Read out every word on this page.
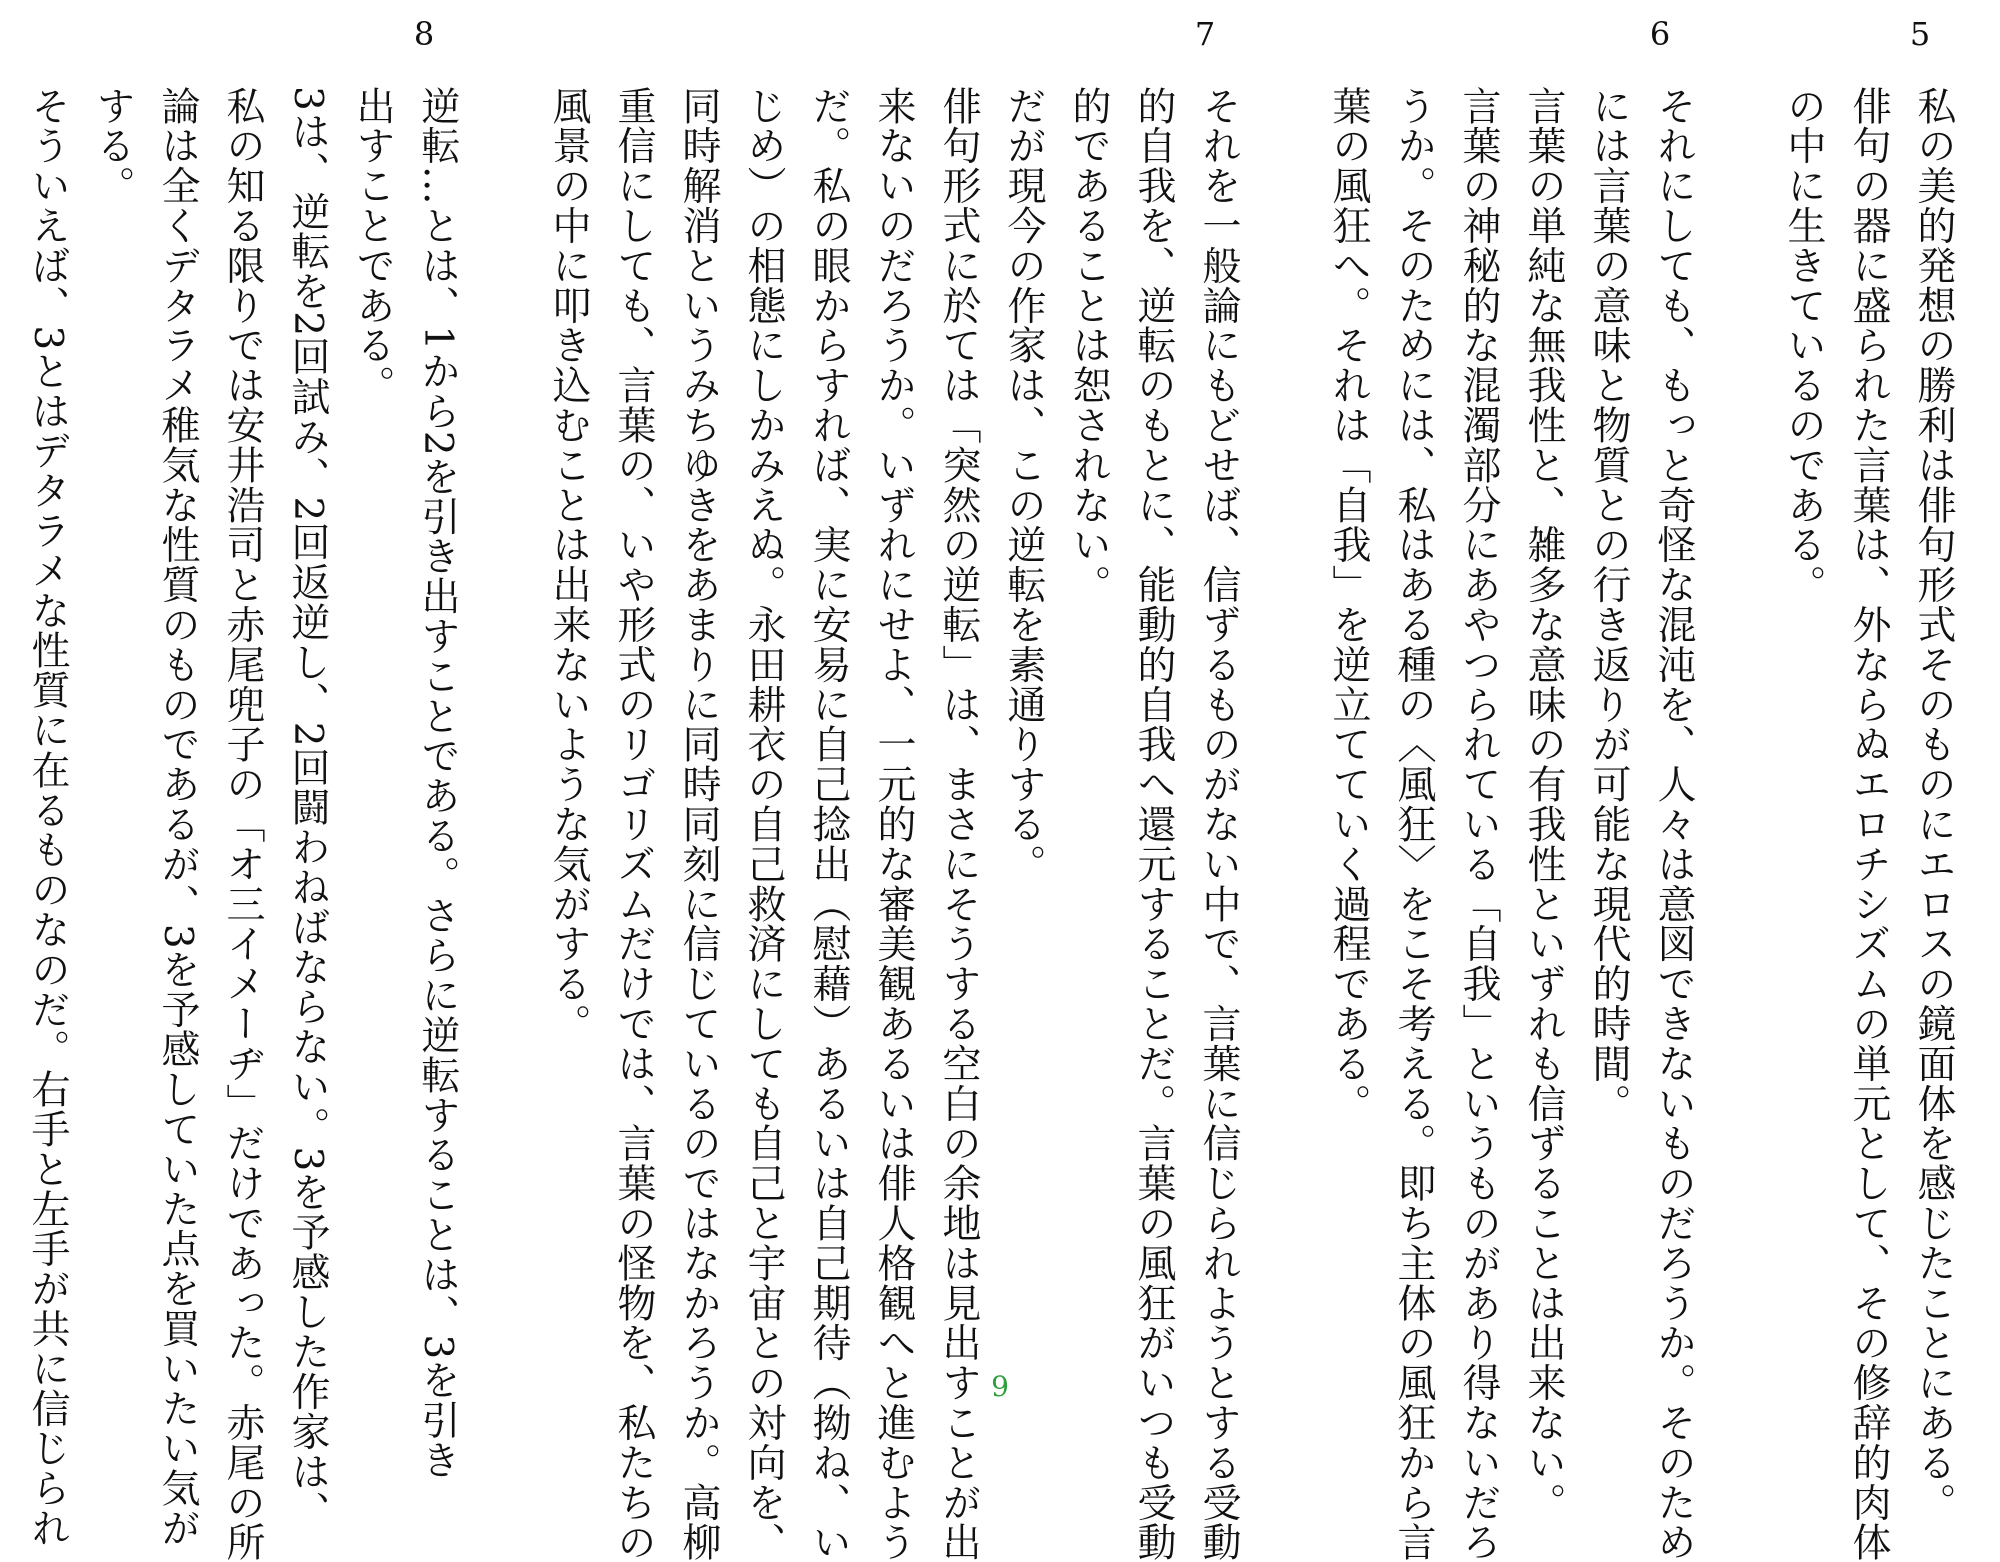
5
6
7
8
私の美的発想の勝利は俳句形式そのものにエロスの鏡面体を感じたことにある。
俳句の器に盛られた言葉は、外ならぬエロチシズムの単元として、その修辞的肉体
の中に生きているのである。
それにしても、もっと奇怪な混沌を、人々は意図できないものだろうか。そのため
には言葉の意味と物質との行き返りが可能な現代的時間。
言葉の単純な無我性と、雑多な意味の有我性といずれも信ずることは出来ない。
言葉の神秘的な混濁部分にあやつられている「自我」というものがあり得ないだろ
うか。そのためには、私はある種の〈風狂〉をこそ考える。即ち主体の風狂から言
葉の風狂へ。それは「自我」を逆立てていく過程である。
それを一般論にもどせば、信ずるものがない中で、言葉に信じられようとする受動
的自我を、逆転のもとに、能動的自我へ還元することだ。言葉の風狂がいつも受動
的であることは恕されない。
だが現今の作家は、この逆転を素通りする。
俳句形式に於ては「突然の逆転」は、まさにそうする空白の余地は見出すことが出
来ないのだろうか。いずれにせよ、一元的な審美観あるいは俳人格観へと進むよう
だ。私の眼からすれば、実に安易に自己捻出（慰藉）あるいは自己期待（拗ね、い
じめ）の相態にしかみえぬ。永田耕衣の自己救済にしても自己と宇宙との対向を、
同時解消というみちゆきをあまりに同時同刻に信じているのではなかろうか。高柳
重信にしても、言葉の、いや形式のリゴリズムだけでは、言葉の怪物を、私たちの
風景の中に叩き込むことは出来ないような気がする。
逆転…とは、1から2を引き出すことである。さらに逆転することは、3を引き
出すことである。
3は、逆転を2回試み、2回返逆し、2回闘わねばならない。3を予感した作家は、
私の知る限りでは安井浩司と赤尾兜子の「オ三イメーヂ」だけであった。赤尾の所
論は全くデタラメ稚気な性質のものであるが、3を予感していた点を買いたい気が
する。
そういえば、3とはデタラメな性質に在るものなのだ。右手と左手が共に信じられ	9
